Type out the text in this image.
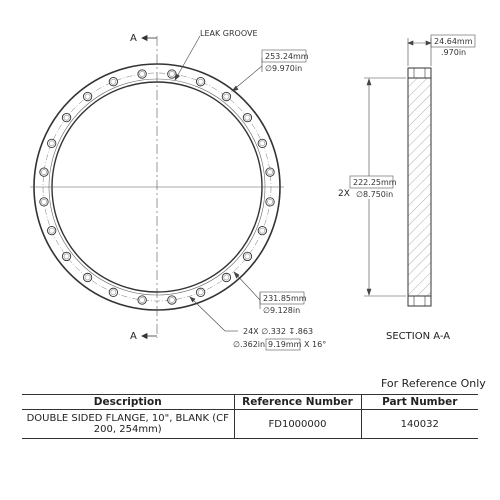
A
A
LEAK GROOVE
253.24mm
∅9.970in
231.85mm
∅9.128in
24X ∅.332 ↧.863
∅.362in 9.19mm X 16°
24.64mm
.970in
2X
222.25mm
∅8.750in
SECTION A-A
For Reference Only
Description	Reference Number	Part Number
DOUBLE SIDED FLANGE, 10", BLANK (CF 200, 254mm)	FD1000000	140032
